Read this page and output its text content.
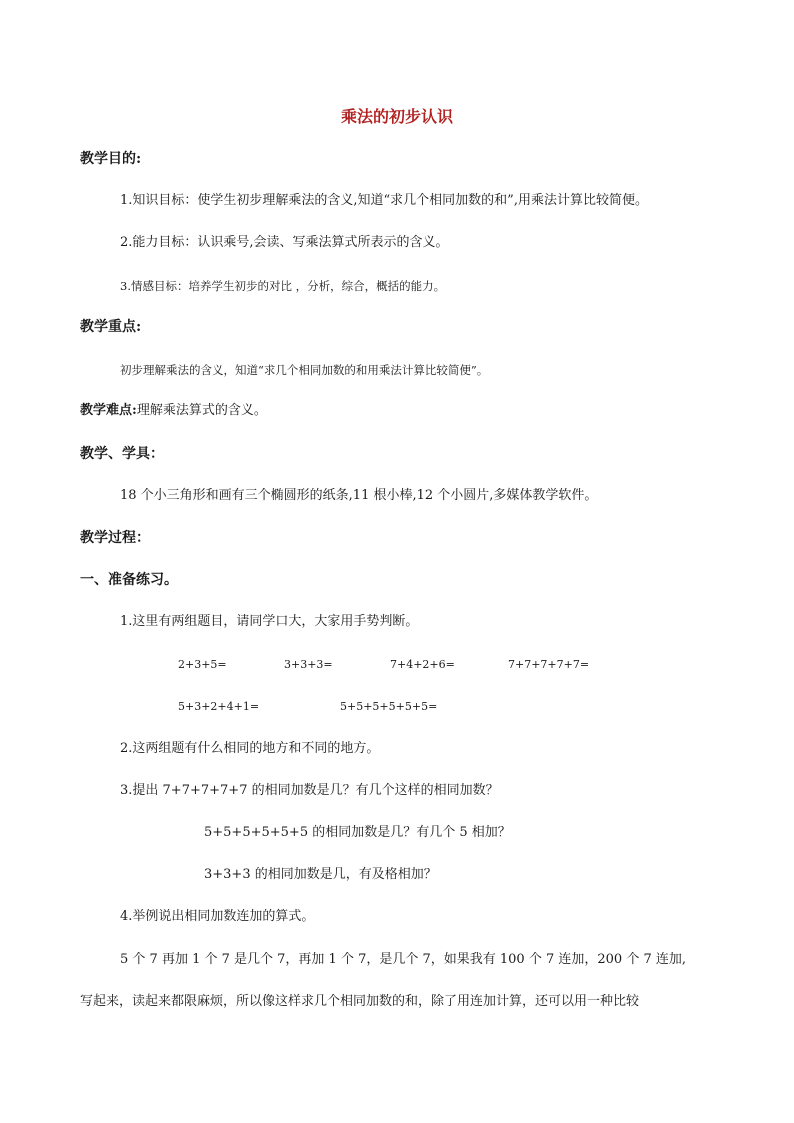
乘法的初步认识
教学目的:
1.知识目标：使学生初步理解乘法的含义,知道“求几个相同加数的和”,用乘法计算比较简便。
2.能力目标：认识乘号,会读、写乘法算式所表示的含义。
3.情感目标：培养学生初步的对比 ，分析，综合，概括的能力。
教学重点:
初步理解乘法的含义，知道“求几个相同加数的和用乘法计算比较简便”。
教学难点:理解乘法算式的含义。
教学、学具：
18 个小三角形和画有三个椭圆形的纸条,11 根小棒,12 个小圆片,多媒体教学软件。
教学过程：
一、准备练习。
1.这里有两组题目，请同学口大，大家用手势判断。
2+3+5=	3+3+3=	7+4+2+6=	7+7+7+7+7=
5+3+2+4+1=	5+5+5+5+5+5=
2.这两组题有什么相同的地方和不同的地方。
3.提出 7+7+7+7+7 的相同加数是几？有几个这样的相同加数？
5+5+5+5+5+5 的相同加数是几？有几个 5 相加？
3+3+3 的相同加数是几，有及格相加？
4.举例说出相同加数连加的算式。
5 个 7 再加 1 个 7 是几个 7，再加 1 个 7，是几个 7，如果我有 100 个 7 连加，200 个 7 连加,
写起来，读起来都限麻烦，所以像这样求几个相同加数的和，除了用连加计算，还可以用一种比较
